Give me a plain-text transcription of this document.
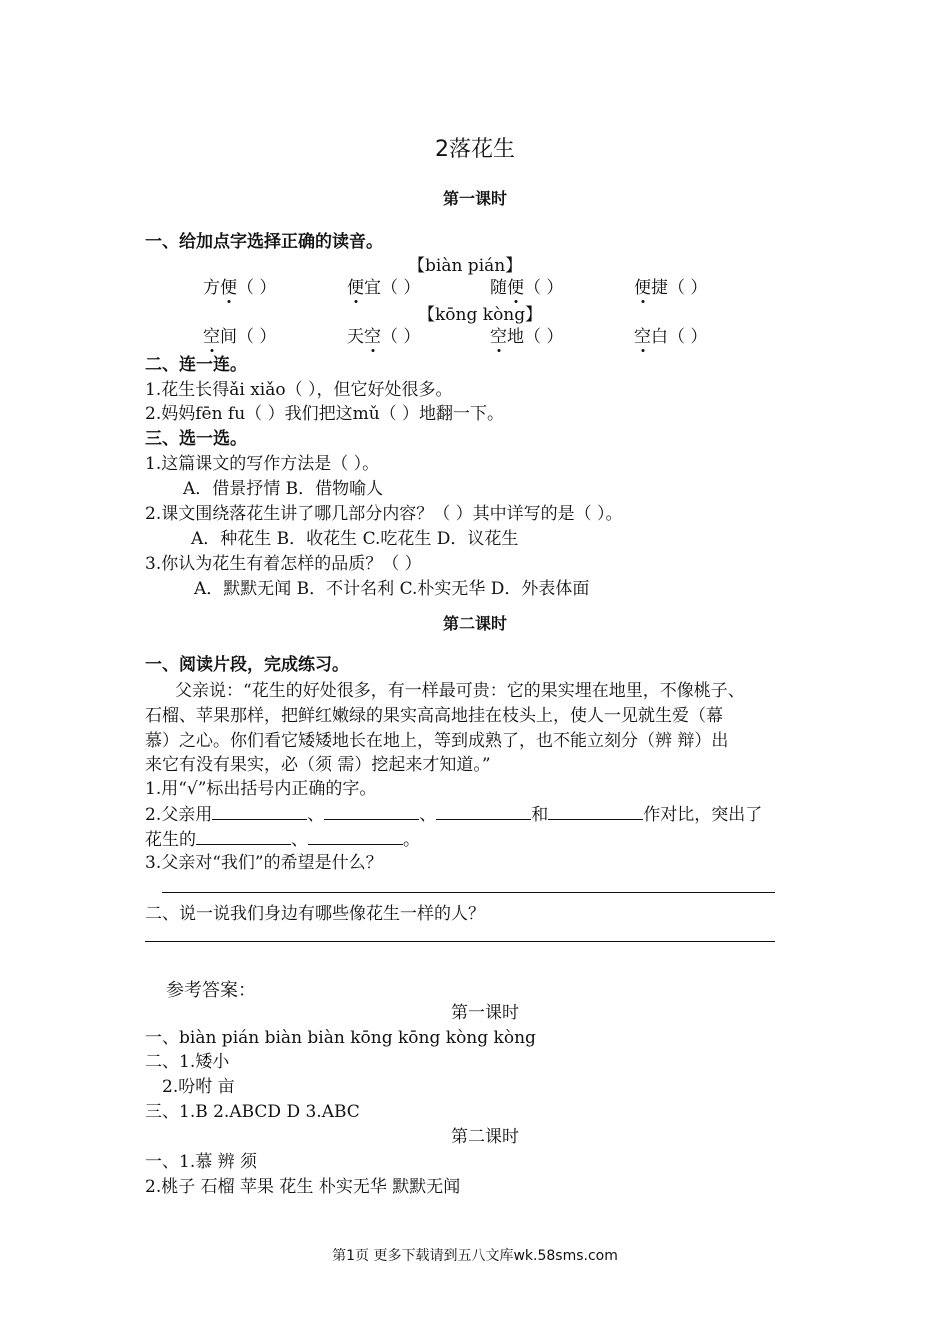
2落花生
第一课时
一、给加点字选择正确的读音。
【biàn pián】
方便（ ）	便宜（ ）	随便（ ）	便捷（ ）
【kōng kòng】
空间（ ）	天空（ ）	空地（ ）	空白（ ）
二、连一连。
1.花生长得ǎi xiǎo（ ），但它好处很多。
2.妈妈fēn fu（ ）我们把这mǔ（ ）地翻一下。
三、选一选。
1.这篇课文的写作方法是（ ）。
A．借景抒情 B．借物喻人
2.课文围绕落花生讲了哪几部分内容？（ ）其中详写的是（ ）。
A．种花生 B．收花生 C.吃花生 D．议花生
3.你认为花生有着怎样的品质？（ ）
A．默默无闻 B．不计名利 C.朴实无华 D．外表体面
第二课时
一、阅读片段，完成练习。
父亲说：“花生的好处很多，有一样最可贵：它的果实埋在地里，不像桃子、
石榴、苹果那样，把鲜红嫩绿的果实高高地挂在枝头上，使人一见就生爱（幕
慕）之心。你们看它矮矮地长在地上，等到成熟了，也不能立刻分（辨 辩）出
来它有没有果实，必（须 需）挖起来才知道。”
1.用“√”标出括号内正确的字。
2.父亲用	、	、	和	作对比，突出了
花生的	、	。
3.父亲对“我们”的希望是什么？
二、说一说我们身边有哪些像花生一样的人？
参考答案：
第一课时
一、biàn pián biàn biàn kōng kōng kòng kòng
二、1.矮小
2.吩咐 亩
三、1.B 2.ABCD D 3.ABC
第二课时
一、1.慕 辨 须
2.桃子 石榴 苹果 花生 朴实无华 默默无闻
第1页 更多下载请到五八文库wk.58sms.com
